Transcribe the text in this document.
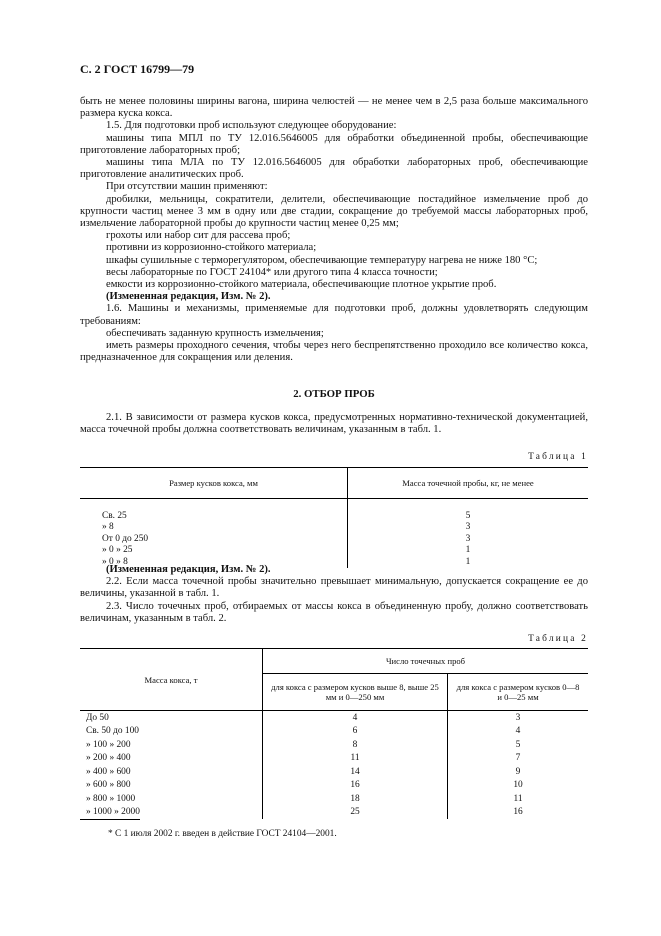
С. 2 ГОСТ 16799—79

быть не менее половины ширины вагона, ширина челюстей — не менее чем в 2,5 раза больше максимального размера куска кокса.

1.5. Для подготовки проб используют следующее оборудование:

машины типа МПЛ по ТУ 12.016.5646005 для обработки объединенной пробы, обеспечивающие приготовление лабораторных проб;

машины типа МЛА по ТУ 12.016.5646005 для обработки лабораторных проб, обеспечивающие приготовление аналитических проб.

При отсутствии машин применяют:

дробилки, мельницы, сократители, делители, обеспечивающие постадийное измельчение проб до крупности частиц менее 3 мм в одну или две стадии, сокращение до требуемой массы лабораторных проб, измельчение лабораторной пробы до крупности частиц менее 0,25 мм;

грохоты или набор сит для рассева проб;

противни из коррозионно-стойкого материала;

шкафы сушильные с терморегулятором, обеспечивающие температуру нагрева не ниже 180 °С;

весы лабораторные по ГОСТ 24104* или другого типа 4 класса точности;

емкости из коррозионно-стойкого материала, обеспечивающие плотное укрытие проб.

(Измененная редакция, Изм. № 2).

1.6. Машины и механизмы, применяемые для подготовки проб, должны удовлетворять следующим требованиям:

обеспечивать заданную крупность измельчения;

иметь размеры проходного сечения, чтобы через него беспрепятственно проходило все количество кокса, предназначенное для сокращения или деления.

2. ОТБОР ПРОБ

2.1. В зависимости от размера кусков кокса, предусмотренных нормативно-технической документацией, масса точечной пробы должна соответствовать величинам, указанным в табл. 1.

Таблица 1
Размер кусков кокса, мм	Масса точечной пробы, кг, не менее

Св. 25	5
» 8	3
От 0 до 250	3
» 0 » 25	1
» 0 » 8	1

(Измененная редакция, Изм. № 2).

2.2. Если масса точечной пробы значительно превышает минимальную, допускается сокращение ее до величины, указанной в табл. 1.

2.3. Число точечных проб, отбираемых от массы кокса в объединенную пробу, должно соответствовать величинам, указанным в табл. 2.

Таблица 2
Масса кокса, т	Число точечных проб	
	для кокса с размером кусков выше 8, выше 25 мм и 0—250 мм	для кокса с размером кусков 0—8 и 0—25 мм
До 50	4	3
Св. 50 до 100	6	4
» 100 » 200	8	5
» 200 » 400	11	7
» 400 » 600	14	9
» 600 » 800	16	10
» 800 » 1000	18	11
» 1000 » 2000	25	16
* С 1 июля 2002 г. введен в действие ГОСТ 24104—2001.
